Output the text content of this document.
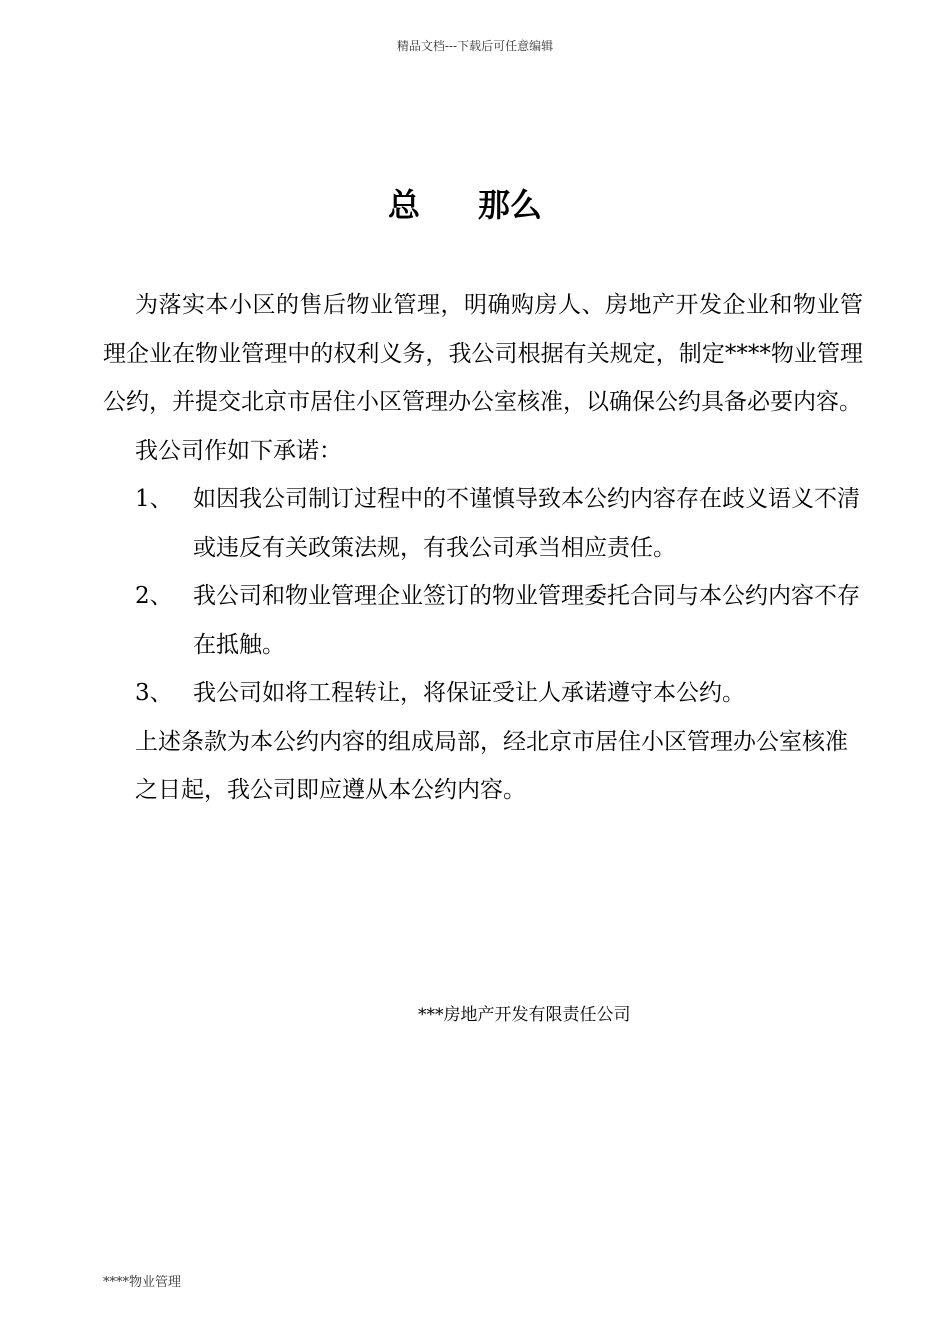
精品文档---下载后可任意编辑
总 那么

为落实本小区的售后物业管理，明确购房人、房地产开发企业和物业管理企业在物业管理中的权利义务，我公司根据有关规定，制定****物业管理公约，并提交北京市居住小区管理办公室核准，以确保公约具备必要内容。

我公司作如下承诺：

1、 如因我公司制订过程中的不谨慎导致本公约内容存在歧义语义不清或违反有关政策法规，有我公司承当相应责任。
2、 我公司和物业管理企业签订的物业管理委托合同与本公约内容不存在抵触。
3、 我公司如将工程转让，将保证受让人承诺遵守本公约。

上述条款为本公约内容的组成局部，经北京市居住小区管理办公室核准之日起，我公司即应遵从本公约内容。

***房地产开发有限责任公司
****物业管理
